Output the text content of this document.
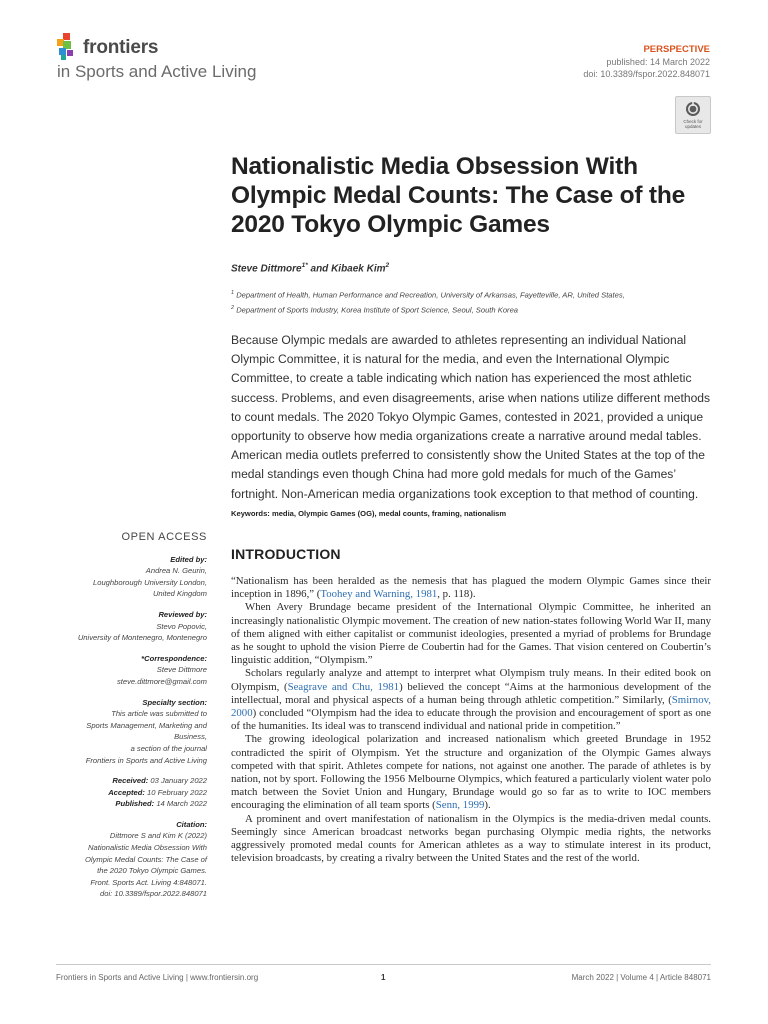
frontiers
in Sports and Active Living
PERSPECTIVE
published: 14 March 2022
doi: 10.3389/fspor.2022.848071
Check for updates
Nationalistic Media Obsession With Olympic Medal Counts: The Case of the 2020 Tokyo Olympic Games
Steve Dittmore$^{1*}$ and Kibaek Kim$^2$
$^1$ Department of Health, Human Performance and Recreation, University of Arkansas, Fayetteville, AR, United States,
$^2$ Department of Sports Industry, Korea Institute of Sport Science, Seoul, South Korea
Because Olympic medals are awarded to athletes representing an individual National Olympic Committee, it is natural for the media, and even the International Olympic Committee, to create a table indicating which nation has experienced the most athletic success. Problems, and even disagreements, arise when nations utilize different methods to count medals. The 2020 Tokyo Olympic Games, contested in 2021, provided a unique opportunity to observe how media organizations create a narrative around medal tables. American media outlets preferred to consistently show the United States at the top of the medal standings even though China had more gold medals for much of the Games’ fortnight. Non-American media organizations took exception to that method of counting.
Keywords: media, Olympic Games (OG), medal counts, framing, nationalism
OPEN ACCESS
Edited by:
Andrea N. Geurin,
Loughborough University London,
United Kingdom
Reviewed by:
Stevo Popovic,
University of Montenegro, Montenegro
*Correspondence:
Steve Dittmore
steve.dittmore@gmail.com
Specialty section:
This article was submitted to
Sports Management, Marketing and
Business,
a section of the journal
Frontiers in Sports and Active Living
Received: 03 January 2022
Accepted: 10 February 2022
Published: 14 March 2022
Citation:
Dittmore S and Kim K (2022)
Nationalistic Media Obsession With
Olympic Medal Counts: The Case of
the 2020 Tokyo Olympic Games.
Front. Sports Act. Living 4:848071.
doi: 10.3389/fspor.2022.848071
INTRODUCTION

“Nationalism has been heralded as the nemesis that has plagued the modern Olympic Games since their inception in 1896,” (Toohey and Warning, 1981, p. 118).

When Avery Brundage became president of the International Olympic Committee, he inherited an increasingly nationalistic Olympic movement. The creation of new nation-states following World War II, many of them aligned with either capitalist or communist ideologies, presented a myriad of problems for Brundage as he sought to uphold the vision Pierre de Coubertin had for the Games. That vision centered on Coubertin’s linguistic addition, “Olympism.”

Scholars regularly analyze and attempt to interpret what Olympism truly means. In their edited book on Olympism, (Seagrave and Chu, 1981) believed the concept “Aims at the harmonious development of the intellectual, moral and physical aspects of a human being through athletic competition.” Similarly, (Smirnov, 2000) concluded “Olympism had the idea to educate through the provision and encouragement of sport as one of the humanities. Its ideal was to transcend individual and national pride in competition.”

The growing ideological polarization and increased nationalism which greeted Brundage in 1952 contradicted the spirit of Olympism. Yet the structure and organization of the Olympic Games always competed with that spirit. Athletes compete for nations, not against one another. The parade of athletes is by nation, not by sport. Following the 1956 Melbourne Olympics, which featured a particularly violent water polo match between the Soviet Union and Hungary, Brundage would go so far as to write to IOC members encouraging the elimination of all team sports (Senn, 1999).

A prominent and overt manifestation of nationalism in the Olympics is the media-driven medal counts. Seemingly since American broadcast networks began purchasing Olympic media rights, the networks aggressively promoted medal counts for American athletes as a way to stimulate interest in its product, television broadcasts, by creating a rivalry between the United States and the rest of the world.

Frontiers in Sports and Active Living | www.frontiersin.org	1	March 2022 | Volume 4 | Article 848071
